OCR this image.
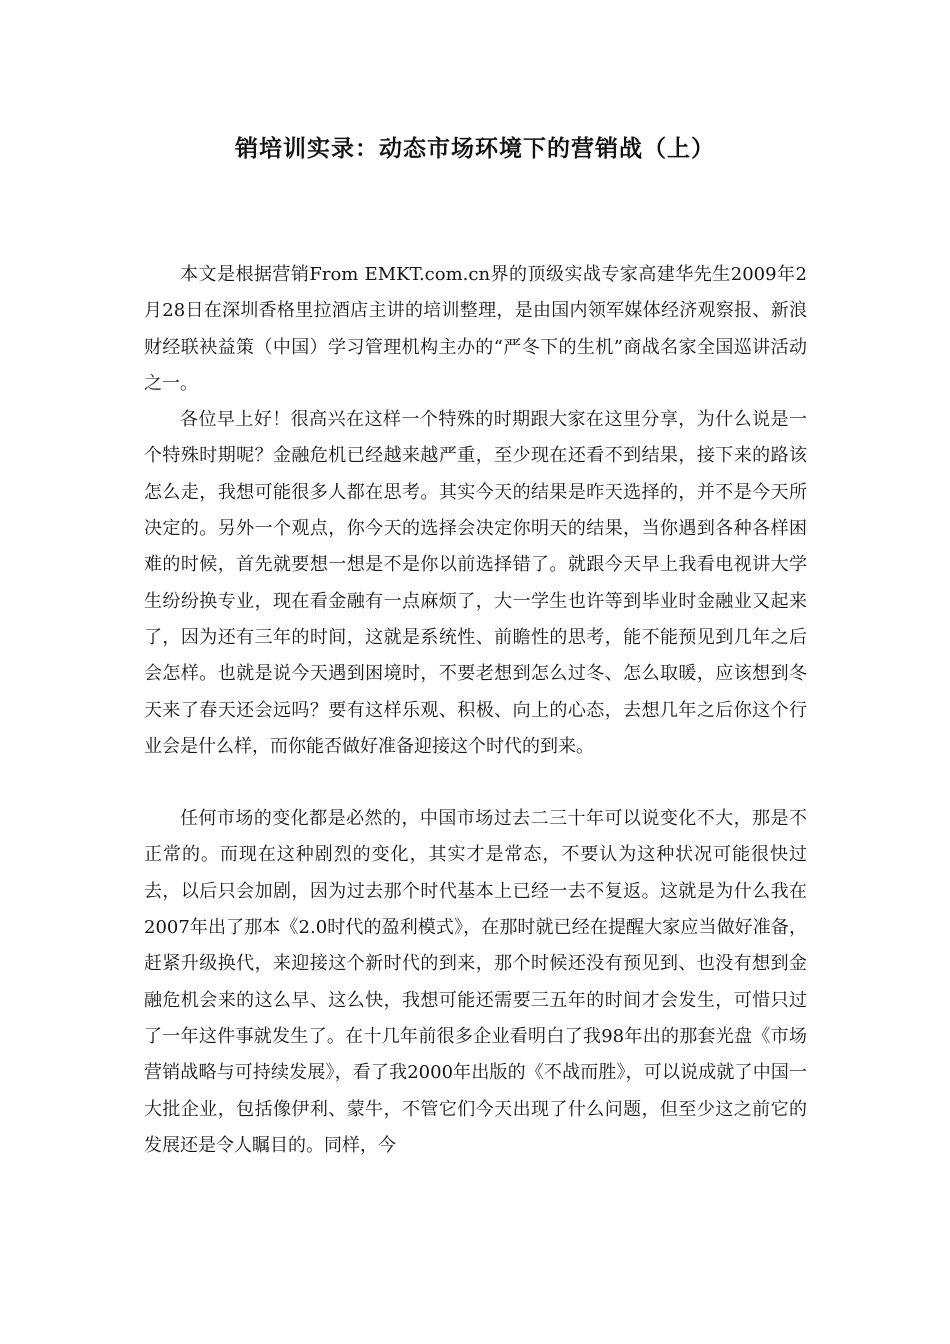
销培训实录：动态市场环境下的营销战（上）

本文是根据营销From EMKT.com.cn界的顶级实战专家高建华先生2009年2月28日在深圳香格里拉酒店主讲的培训整理，是由国内领军媒体经济观察报、新浪财经联袂益策（中国）学习管理机构主办的“严冬下的生机”商战名家全国巡讲活动之一。

各位早上好！很高兴在这样一个特殊的时期跟大家在这里分享，为什么说是一个特殊时期呢？金融危机已经越来越严重，至少现在还看不到结果，接下来的路该怎么走，我想可能很多人都在思考。其实今天的结果是昨天选择的，并不是今天所决定的。另外一个观点，你今天的选择会决定你明天的结果，当你遇到各种各样困难的时候，首先就要想一想是不是你以前选择错了。就跟今天早上我看电视讲大学生纷纷换专业，现在看金融有一点麻烦了，大一学生也许等到毕业时金融业又起来了，因为还有三年的时间，这就是系统性、前瞻性的思考，能不能预见到几年之后会怎样。也就是说今天遇到困境时，不要老想到怎么过冬、怎么取暖，应该想到冬天来了春天还会远吗？要有这样乐观、积极、向上的心态，去想几年之后你这个行业会是什么样，而你能否做好准备迎接这个时代的到来。

任何市场的变化都是必然的，中国市场过去二三十年可以说变化不大，那是不正常的。而现在这种剧烈的变化，其实才是常态，不要认为这种状况可能很快过去，以后只会加剧，因为过去那个时代基本上已经一去不复返。这就是为什么我在2007年出了那本《2.0时代的盈利模式》，在那时就已经在提醒大家应当做好准备，赶紧升级换代，来迎接这个新时代的到来，那个时候还没有预见到、也没有想到金融危机会来的这么早、这么快，我想可能还需要三五年的时间才会发生，可惜只过了一年这件事就发生了。在十几年前很多企业看明白了我98年出的那套光盘《市场营销战略与可持续发展》，看了我2000年出版的《不战而胜》，可以说成就了中国一大批企业，包括像伊利、蒙牛，不管它们今天出现了什么问题，但至少这之前它的发展还是令人瞩目的。同样，今
